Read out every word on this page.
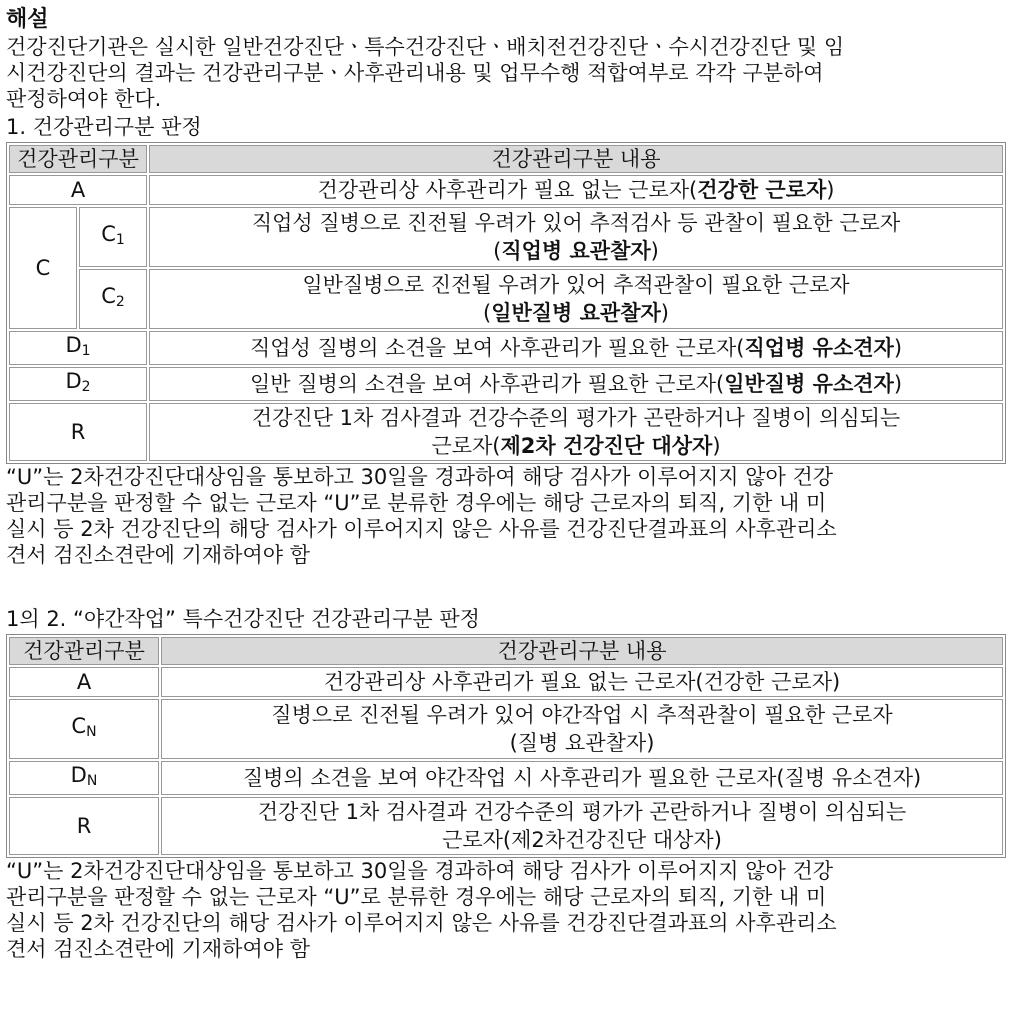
해설
건강진단기관은 실시한 일반건강진단ㆍ특수건강진단ㆍ배치전건강진단ㆍ수시건강진단 및 임
시건강진단의 결과는 건강관리구분ㆍ사후관리내용 및 업무수행 적합여부로 각각 구분하여
판정하여야 한다.
1. 건강관리구분 판정
건강관리구분		건강관리구분 내용
A		건강관리상 사후관리가 필요 없는 근로자(건강한 근로자)
C	$C_1$	직업성 질병으로 진전될 우려가 있어 추적검사 등 관찰이 필요한 근로자
(직업병 요관찰자)
	$C_2$	일반질병으로 진전될 우려가 있어 추적관찰이 필요한 근로자
(일반질병 요관찰자)
$D_1$		직업성 질병의 소견을 보여 사후관리가 필요한 근로자(직업병 유소견자)
$D_2$		일반 질병의 소견을 보여 사후관리가 필요한 근로자(일반질병 유소견자)
R		건강진단 1차 검사결과 건강수준의 평가가 곤란하거나 질병이 의심되는
근로자(제2차 건강진단 대상자)
“U”는 2차건강진단대상임을 통보하고 30일을 경과하여 해당 검사가 이루어지지 않아 건강
관리구분을 판정할 수 없는 근로자 “U”로 분류한 경우에는 해당 근로자의 퇴직, 기한 내 미
실시 등 2차 건강진단의 해당 검사가 이루어지지 않은 사유를 건강진단결과표의 사후관리소
견서 검진소견란에 기재하여야 함
1의 2. “야간작업” 특수건강진단 건강관리구분 판정
건강관리구분	건강관리구분 내용
A	건강관리상 사후관리가 필요 없는 근로자(건강한 근로자)
$C_N$	질병으로 진전될 우려가 있어 야간작업 시 추적관찰이 필요한 근로자
(질병 요관찰자)
$D_N$	질병의 소견을 보여 야간작업 시 사후관리가 필요한 근로자(질병 유소견자)
R	건강진단 1차 검사결과 건강수준의 평가가 곤란하거나 질병이 의심되는
근로자(제2차건강진단 대상자)
“U”는 2차건강진단대상임을 통보하고 30일을 경과하여 해당 검사가 이루어지지 않아 건강
관리구분을 판정할 수 없는 근로자 “U”로 분류한 경우에는 해당 근로자의 퇴직, 기한 내 미
실시 등 2차 건강진단의 해당 검사가 이루어지지 않은 사유를 건강진단결과표의 사후관리소
견서 검진소견란에 기재하여야 함
